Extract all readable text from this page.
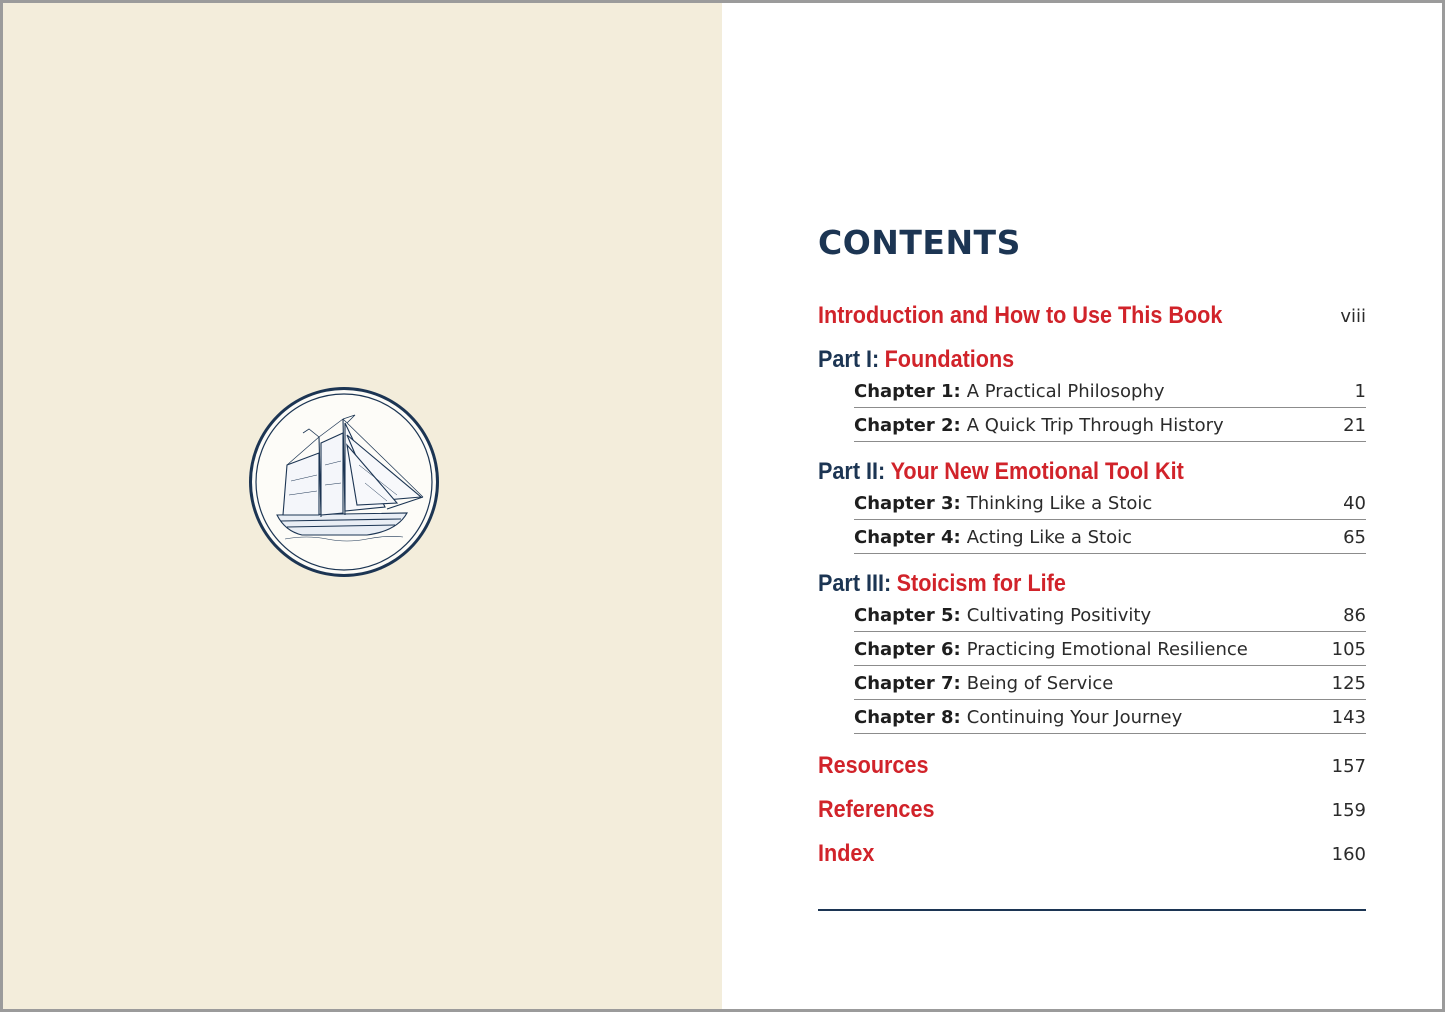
CONTENTS
Introduction and How to Use This Book	viii
Part I: Foundations
Chapter 1: A Practical Philosophy	1
Chapter 2: A Quick Trip Through History	21
Part II: Your New Emotional Tool Kit
Chapter 3: Thinking Like a Stoic	40
Chapter 4: Acting Like a Stoic	65
Part III: Stoicism for Life
Chapter 5: Cultivating Positivity	86
Chapter 6: Practicing Emotional Resilience	105
Chapter 7: Being of Service	125
Chapter 8: Continuing Your Journey	143
Resources	157
References	159
Index	160
